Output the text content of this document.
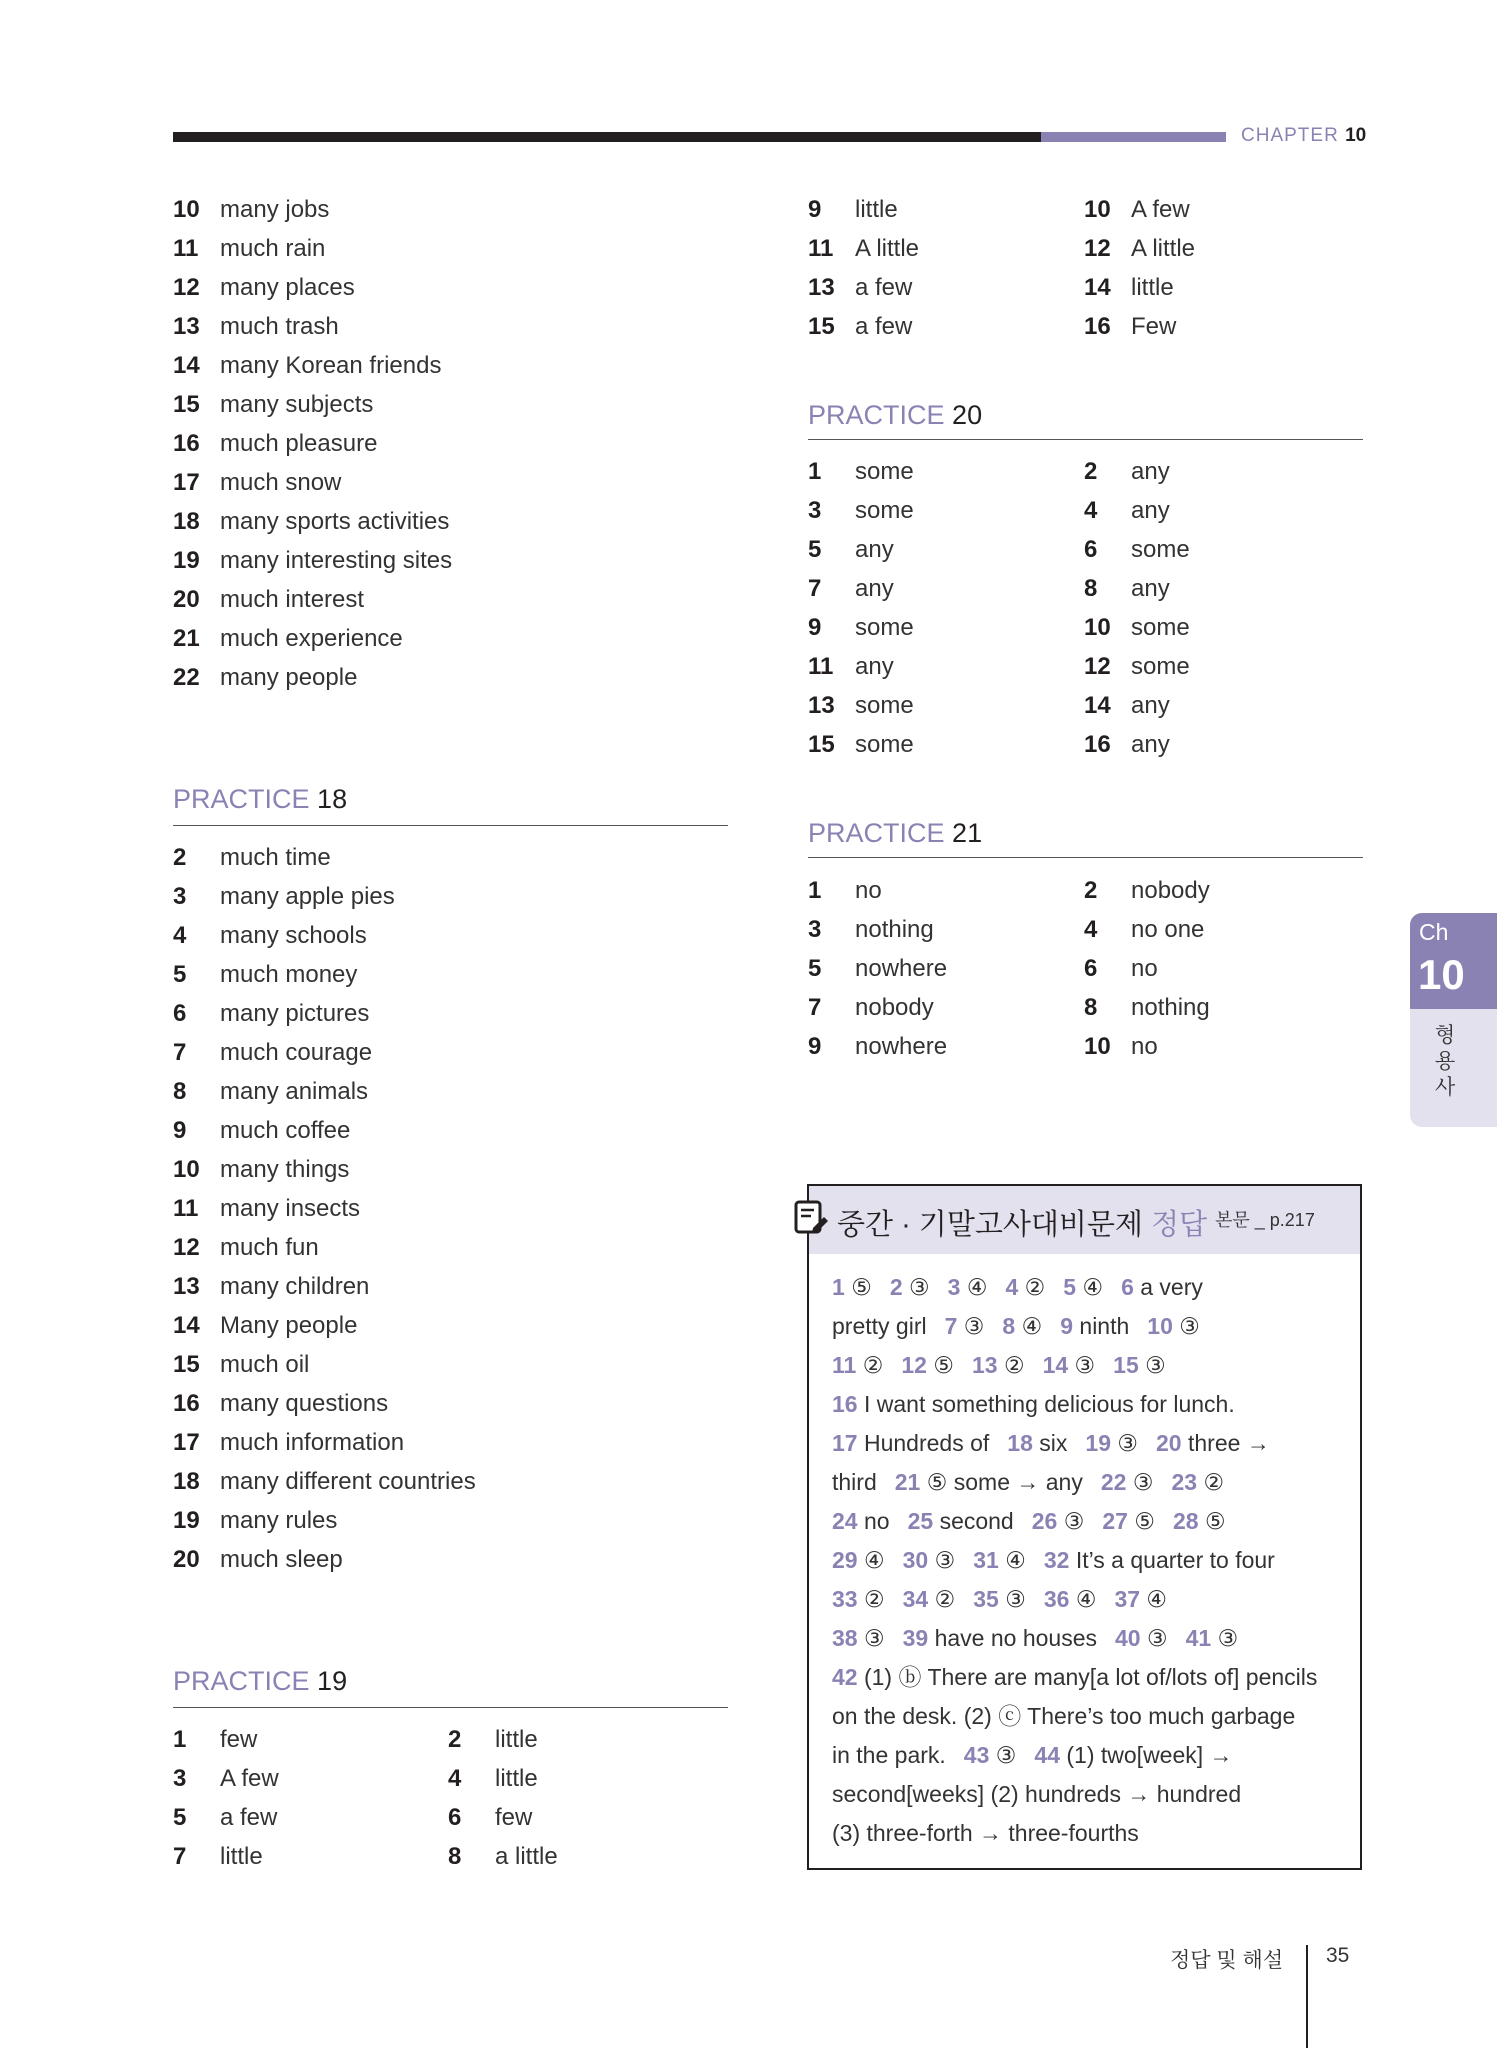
CHAPTER 10
10 many jobs
11 much rain
12 many places
13 much trash
14 many Korean friends
15 many subjects
16 much pleasure
17 much snow
18 many sports activities
19 many interesting sites
20 much interest
21 much experience
22 many people
PRACTICE 18
2 much time
3 many apple pies
4 many schools
5 much money
6 many pictures
7 much courage
8 many animals
9 much coffee
10 many things
11 many insects
12 much fun
13 many children
14 Many people
15 much oil
16 many questions
17 much information
18 many different countries
19 many rules
20 much sleep
PRACTICE 19
1 few
3 A few
5 a few
7 little
2 little
4 little
6 few
8 a little
9 little
11 A little
13 a few
15 a few
10 A few
12 A little
14 little
16 Few
PRACTICE 20
1 some
3 some
5 any
7 any
9 some
11 any
13 some
15 some
2 any
4 any
6 some
8 any
10 some
12 some
14 any
16 any
PRACTICE 21
1 no
3 nothing
5 nowhere
7 nobody
9 nowhere
2 nobody
4 no one
6 no
8 nothing
10 no
Ch
10
형
용
사
중간 · 기말고사대비문제 정답 본문 _ p.217
1 ⑤ 2 ③ 3 ④ 4 ② 5 ④ 6 a very
pretty girl 7 ③ 8 ④ 9 ninth 10 ③
11 ② 12 ⑤ 13 ② 14 ③ 15 ③
16 I want something delicious for lunch.
17 Hundreds of 18 six 19 ③ 20 three →
third 21 ⑤ some → any 22 ③ 23 ②
24 no 25 second 26 ③ 27 ⑤ 28 ⑤
29 ④ 30 ③ 31 ④ 32 It’s a quarter to four
33 ② 34 ② 35 ③ 36 ④ 37 ④
38 ③ 39 have no houses 40 ③ 41 ③
42 (1) ⓑ There are many[a lot of/lots of] pencils
on the desk. (2) ⓒ There’s too much garbage
in the park. 43 ③ 44 (1) two[week] →
second[weeks] (2) hundreds → hundred
(3) three-forth → three-fourths
정답 및 해설 35
